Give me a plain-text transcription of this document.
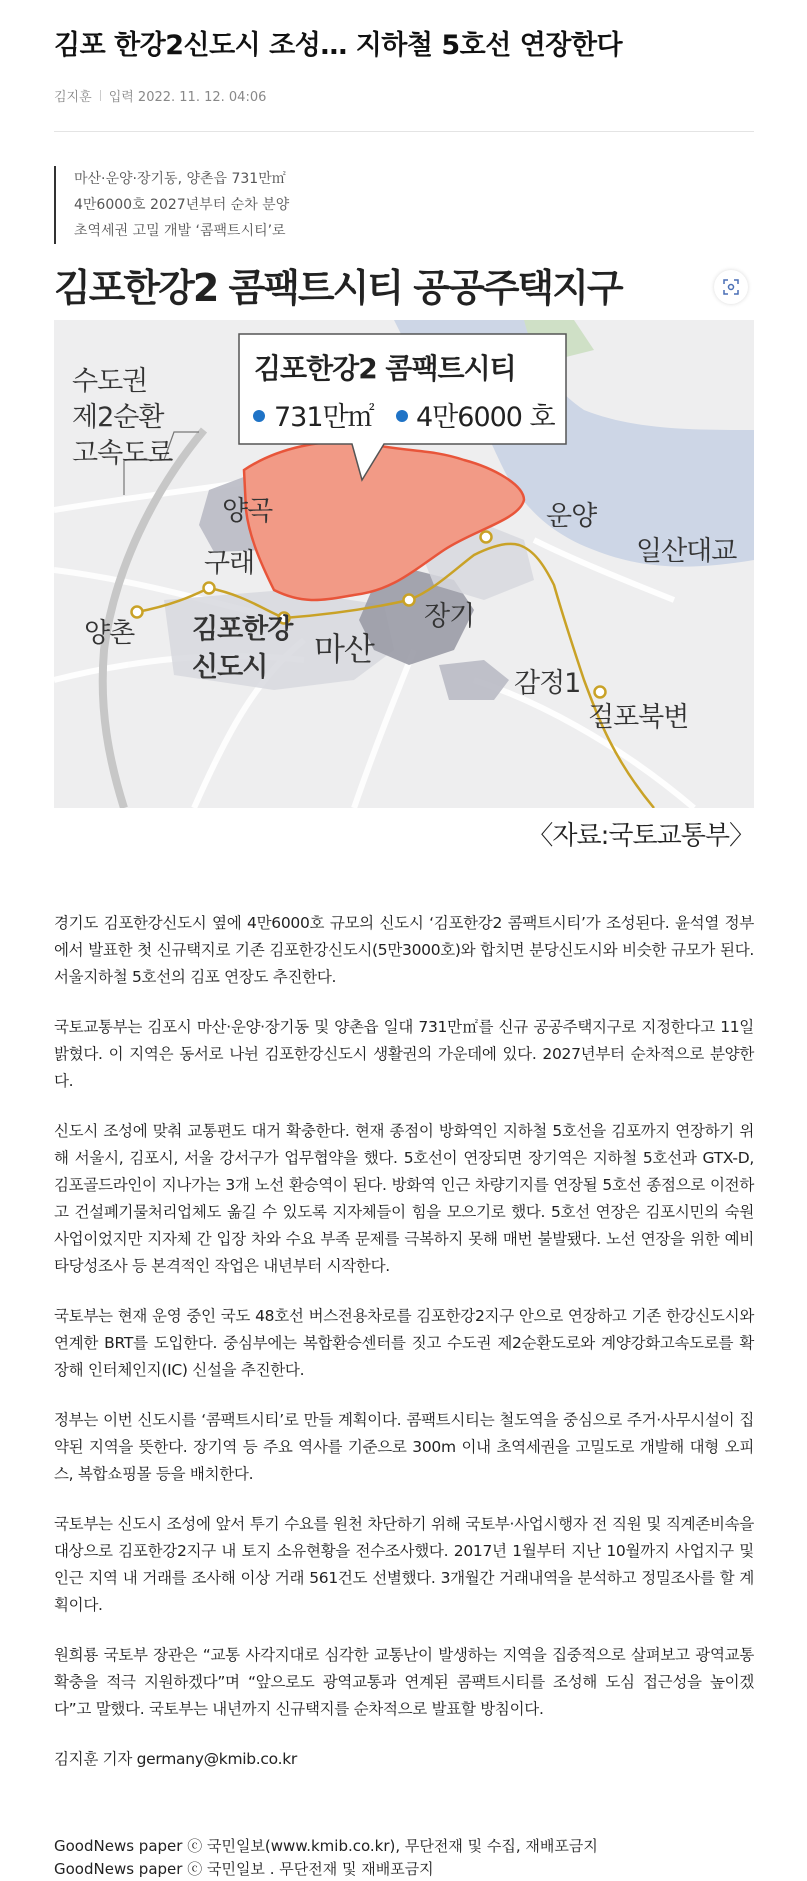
김포 한강2신도시 조성… 지하철 5호선 연장한다
김지훈 입력 2022. 11. 12. 04:06
마산·운양·장기동, 양촌읍 731만㎡
4만6000호 2027년부터 순차 분양
초역세권 고밀 개발 ‘콤팩트시티’로
김포한강2 콤팩트시티 공공주택지구
김포한강2 콤팩트시티
731만㎡ 4만6000 호
수도권
제2순환
고속도로
양곡
구래
양촌 김포한강
신도시 마산
장기
운양
일산대교
감정1
걸포북변
〈자료:국토교통부〉

경기도 김포한강신도시 옆에 4만6000호 규모의 신도시 ‘김포한강2 콤팩트시티’가 조성된다. 윤석열 정부에서 발표한 첫 신규택지로 기존 김포한강신도시(5만3000호)와 합치면 분당신도시와 비슷한 규모가 된다. 서울지하철 5호선의 김포 연장도 추진한다.

국토교통부는 김포시 마산·운양·장기동 및 양촌읍 일대 731만㎡를 신규 공공주택지구로 지정한다고 11일 밝혔다. 이 지역은 동서로 나뉜 김포한강신도시 생활권의 가운데에 있다. 2027년부터 순차적으로 분양한다.

신도시 조성에 맞춰 교통편도 대거 확충한다. 현재 종점이 방화역인 지하철 5호선을 김포까지 연장하기 위해 서울시, 김포시, 서울 강서구가 업무협약을 했다. 5호선이 연장되면 장기역은 지하철 5호선과 GTX-D, 김포골드라인이 지나가는 3개 노선 환승역이 된다. 방화역 인근 차량기지를 연장될 5호선 종점으로 이전하고 건설폐기물처리업체도 옮길 수 있도록 지자체들이 힘을 모으기로 했다. 5호선 연장은 김포시민의 숙원 사업이었지만 지자체 간 입장 차와 수요 부족 문제를 극복하지 못해 매번 불발됐다. 노선 연장을 위한 예비타당성조사 등 본격적인 작업은 내년부터 시작한다.

국토부는 현재 운영 중인 국도 48호선 버스전용차로를 김포한강2지구 안으로 연장하고 기존 한강신도시와 연계한 BRT를 도입한다. 중심부에는 복합환승센터를 짓고 수도권 제2순환도로와 계양강화고속도로를 확장해 인터체인지(IC) 신설을 추진한다.

정부는 이번 신도시를 ‘콤팩트시티’로 만들 계획이다. 콤팩트시티는 철도역을 중심으로 주거·사무시설이 집약된 지역을 뜻한다. 장기역 등 주요 역사를 기준으로 300m 이내 초역세권을 고밀도로 개발해 대형 오피스, 복합쇼핑몰 등을 배치한다.

국토부는 신도시 조성에 앞서 투기 수요를 원천 차단하기 위해 국토부·사업시행자 전 직원 및 직계존비속을 대상으로 김포한강2지구 내 토지 소유현황을 전수조사했다. 2017년 1월부터 지난 10월까지 사업지구 및 인근 지역 내 거래를 조사해 이상 거래 561건도 선별했다. 3개월간 거래내역을 분석하고 정밀조사를 할 계획이다.

원희룡 국토부 장관은 “교통 사각지대로 심각한 교통난이 발생하는 지역을 집중적으로 살펴보고 광역교통 확충을 적극 지원하겠다”며 “앞으로도 광역교통과 연계된 콤팩트시티를 조성해 도심 접근성을 높이겠다”고 말했다. 국토부는 내년까지 신규택지를 순차적으로 발표할 방침이다.

김지훈 기자 germany@kmib.co.kr

GoodNews paper ⓒ 국민일보(www.kmib.co.kr), 무단전재 및 수집, 재배포금지
GoodNews paper ⓒ 국민일보 . 무단전재 및 재배포금지
